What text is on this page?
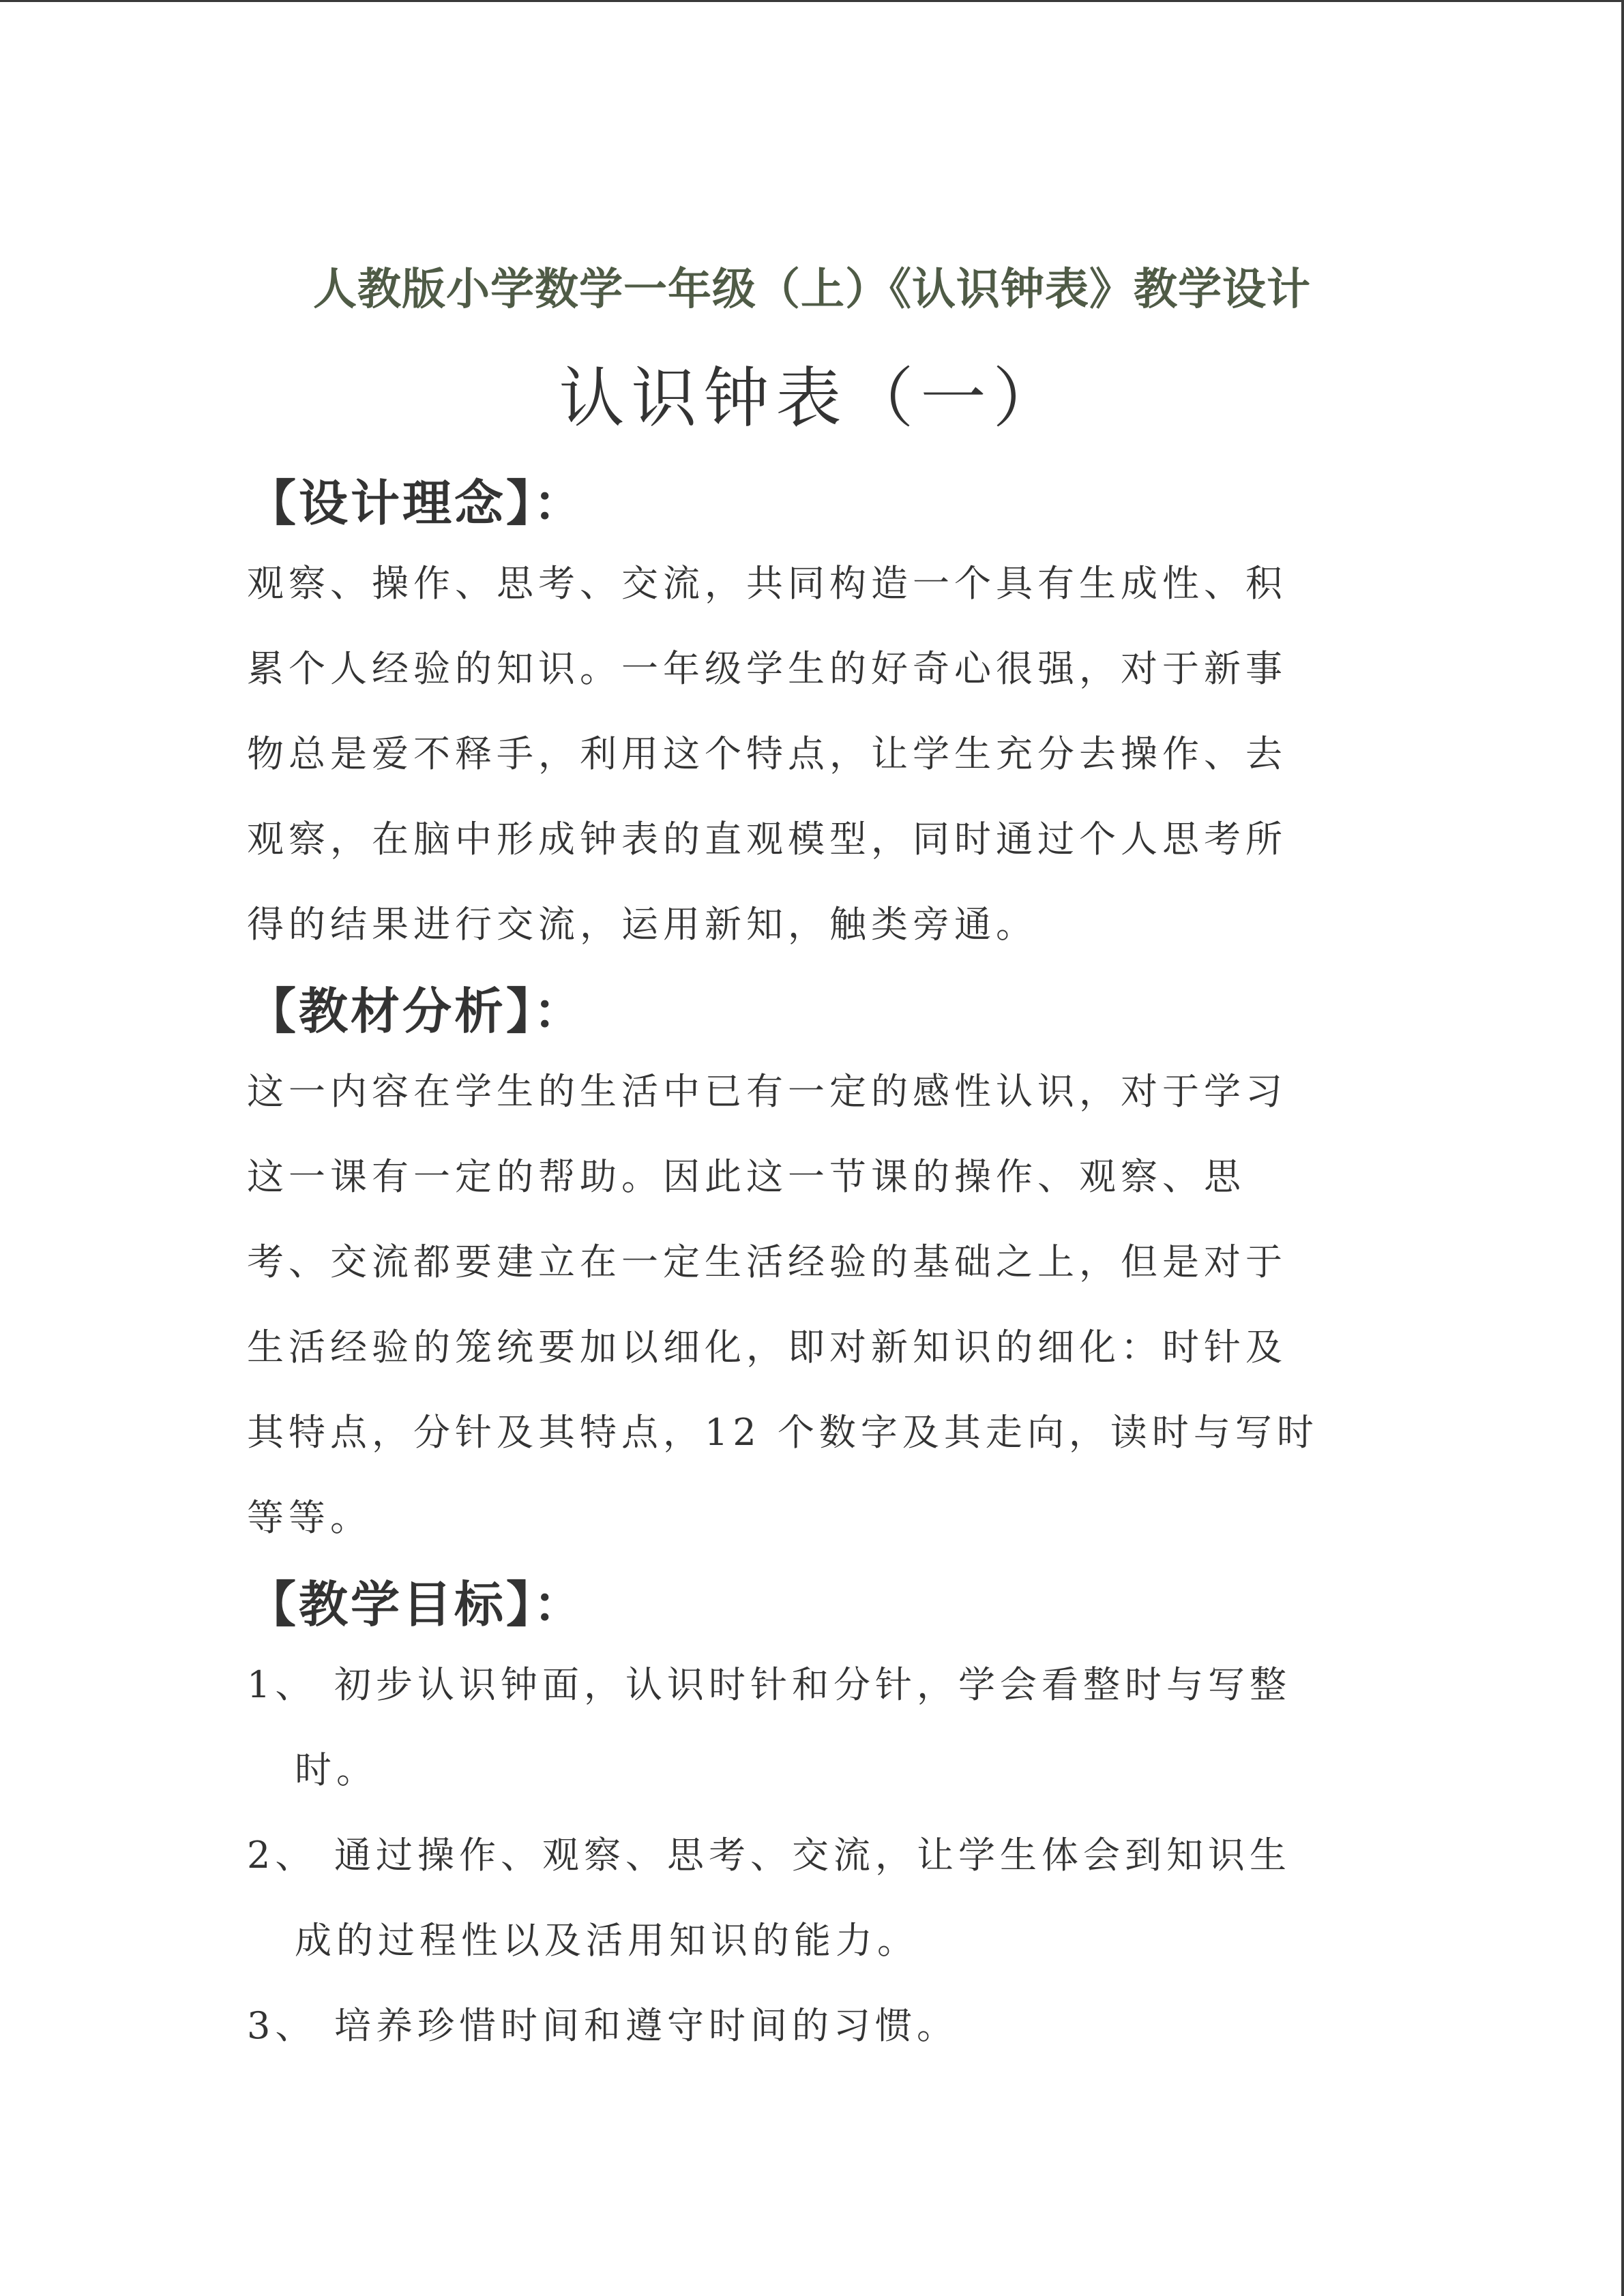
人教版小学数学一年级（上）《认识钟表》教学设计
认识钟表（一）
【设计理念】：
观察、操作、思考、交流，共同构造一个具有生成性、积
累个人经验的知识。一年级学生的好奇心很强，对于新事
物总是爱不释手，利用这个特点，让学生充分去操作、去
观察，在脑中形成钟表的直观模型，同时通过个人思考所
得的结果进行交流，运用新知，触类旁通。
【教材分析】：
这一内容在学生的生活中已有一定的感性认识，对于学习
这一课有一定的帮助。因此这一节课的操作、观察、思
考、交流都要建立在一定生活经验的基础之上，但是对于
生活经验的笼统要加以细化，即对新知识的细化：时针及
其特点，分针及其特点，12 个数字及其走向，读时与写时
等等。
【教学目标】：
1、 初步认识钟面，认识时针和分针，学会看整时与写整
时。
2、 通过操作、观察、思考、交流，让学生体会到知识生
成的过程性以及活用知识的能力。
3、 培养珍惜时间和遵守时间的习惯。
